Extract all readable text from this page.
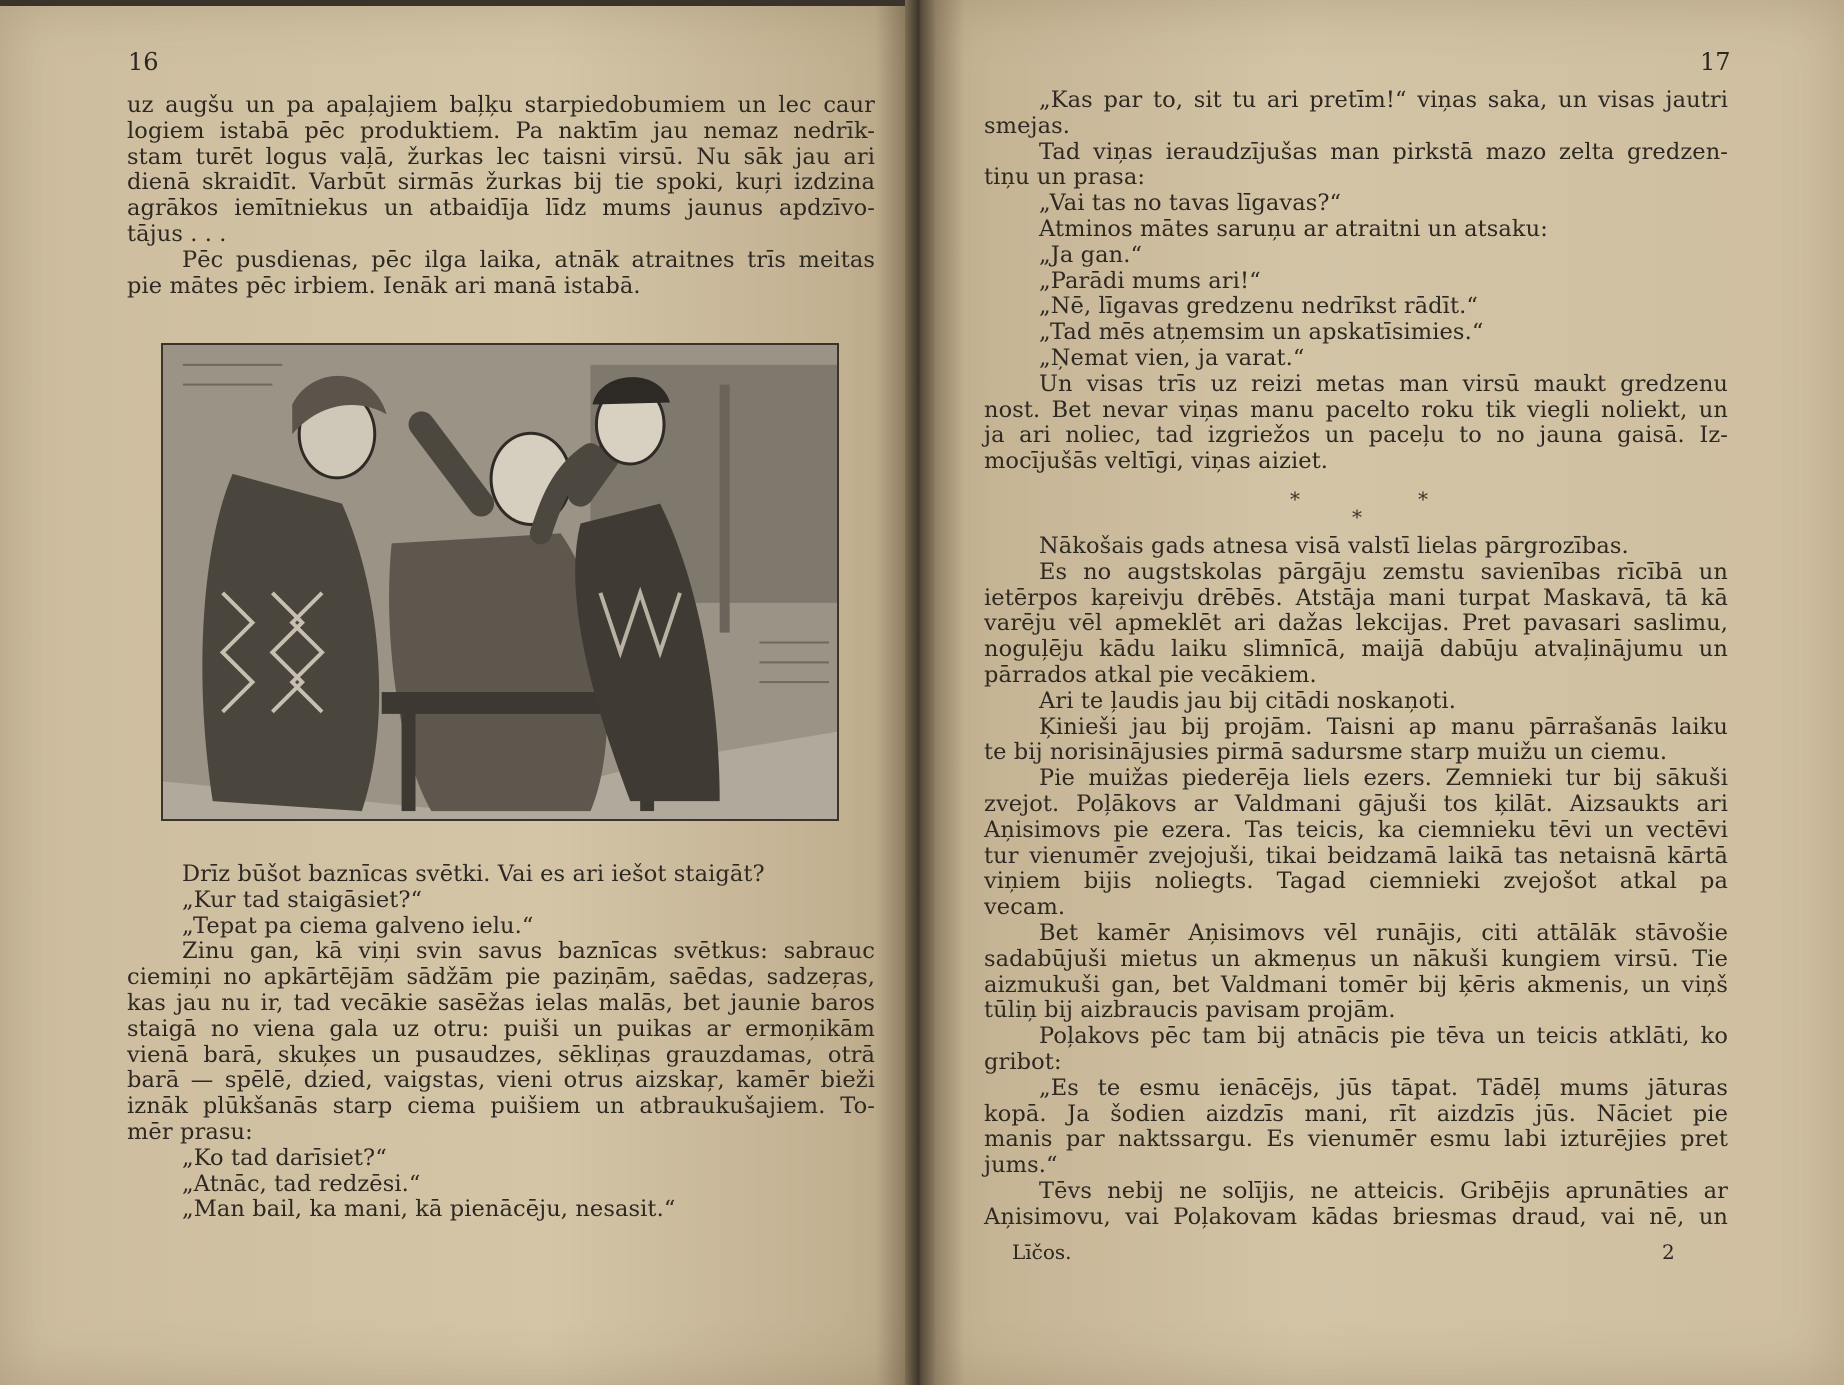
16
uz augšu un pa apaļajiem baļķu starpiedobumiem un lec caur
logiem istabā pēc produktiem. Pa naktīm jau nemaz nedrīk-
stam turēt logus vaļā, žurkas lec taisni virsū. Nu sāk jau ari
dienā skraidīt. Varbūt sirmās žurkas bij tie spoki, kuŗi izdzina
agrākos iemītniekus un atbaidīja līdz mums jaunus apdzīvo-
tājus . . .
Pēc pusdienas, pēc ilga laika, atnāk atraitnes trīs meitas
pie mātes pēc irbiem. Ienāk ari manā istabā.
Drīz būšot baznīcas svētki. Vai es ari iešot staigāt?
„Kur tad staigāsiet?“
„Tepat pa ciema galveno ielu.“
Zinu gan, kā viņi svin savus baznīcas svētkus: sabrauc
ciemiņi no apkārtējām sādžām pie paziņām, saēdas, sadzeŗas,
kas jau nu ir, tad vecākie sasēžas ielas malās, bet jaunie baros
staigā no viena gala uz otru: puiši un puikas ar ermoņikām
vienā barā, skuķes un pusaudzes, sēkliņas grauzdamas, otrā
barā — spēlē, dzied, vaigstas, vieni otrus aizskaŗ, kamēr bieži
iznāk plūkšanās starp ciema puišiem un atbraukušajiem. To-
mēr prasu:
„Ko tad darīsiet?“
„Atnāc, tad redzēsi.“
„Man bail, ka mani, kā pienācēju, nesasit.“
17
„Kas par to, sit tu ari pretīm!“ viņas saka, un visas jautri
smejas.
Tad viņas ieraudzījušas man pirkstā mazo zelta gredzen-
tiņu un prasa:
„Vai tas no tavas līgavas?“
Atminos mātes saruņu ar atraitni un atsaku:
„Ja gan.“
„Parādi mums ari!“
„Nē, līgavas gredzenu nedrīkst rādīt.“
„Tad mēs atņemsim un apskatīsimies.“
„Ņemat vien, ja varat.“
Un visas trīs uz reizi metas man virsū maukt gredzenu
nost. Bet nevar viņas manu pacelto roku tik viegli noliekt, un
ja ari noliec, tad izgriežos un paceļu to no jauna gaisā. Iz-
mocījušās veltīgi, viņas aiziet.
*	*
*
Nākošais gads atnesa visā valstī lielas pārgrozības.
Es no augstskolas pārgāju zemstu savienības rīcībā un
ietērpos kaŗeivju drēbēs. Atstāja mani turpat Maskavā, tā kā
varēju vēl apmeklēt ari dažas lekcijas. Pret pavasari saslimu,
noguļēju kādu laiku slimnīcā, maijā dabūju atvaļinājumu un
pārrados atkal pie vecākiem.
Ari te ļaudis jau bij citādi noskaņoti.
Ķinieši jau bij projām. Taisni ap manu pārrašanās laiku
te bij norisinājusies pirmā sadursme starp muižu un ciemu.
Pie muižas piederēja liels ezers. Zemnieki tur bij sākuši
zvejot. Poļākovs ar Valdmani gājuši tos ķilāt. Aizsaukts ari
Aņisimovs pie ezera. Tas teicis, ka ciemnieku tēvi un vectēvi
tur vienumēr zvejojuši, tikai beidzamā laikā tas netaisnā kārtā
viņiem bijis noliegts. Tagad ciemnieki zvejošot atkal pa
vecam.
Bet kamēr Aņisimovs vēl runājis, citi attālāk stāvošie
sadabūjuši mietus un akmeņus un nākuši kungiem virsū. Tie
aizmukuši gan, bet Valdmani tomēr bij ķēris akmenis, un viņš
tūliņ bij aizbraucis pavisam projām.
Poļakovs pēc tam bij atnācis pie tēva un teicis atklāti, ko
gribot:
„Es te esmu ienācējs, jūs tāpat. Tādēļ mums jāturas
kopā. Ja šodien aizdzīs mani, rīt aizdzīs jūs. Nāciet pie
manis par naktssargu. Es vienumēr esmu labi izturējies pret
jums.“
Tēvs nebij ne solījis, ne atteicis. Gribējis aprunāties ar
Aņisimovu, vai Poļakovam kādas briesmas draud, vai nē, un
Līčos.	2
